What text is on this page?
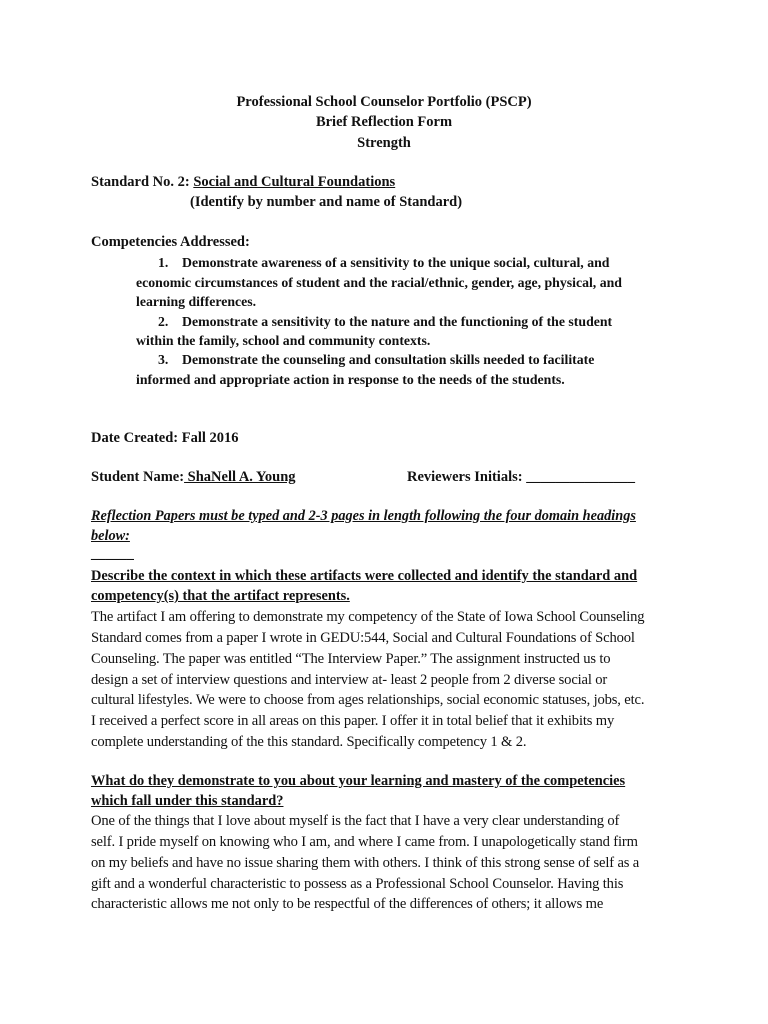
Professional School Counselor Portfolio (PSCP)
Brief Reflection Form
Strength
Standard No. 2: Social and Cultural Foundations
(Identify by number and name of Standard)
Competencies Addressed:
1. Demonstrate awareness of a sensitivity to the unique social, cultural, and
economic circumstances of student and the racial/ethnic, gender, age, physical, and
learning differences.
2. Demonstrate a sensitivity to the nature and the functioning of the student
within the family, school and community contexts.
3. Demonstrate the counseling and consultation skills needed to facilitate
informed and appropriate action in response to the needs of the students.
Date Created: Fall 2016
Student Name: ShaNell A. Young	Reviewers Initials: _______________
Reflection Papers must be typed and 2-3 pages in length following the four domain headings
below:
______
Describe the context in which these artifacts were collected and identify the standard and
competency(s) that the artifact represents.
The artifact I am offering to demonstrate my competency of the State of Iowa School Counseling
Standard comes from a paper I wrote in GEDU:544, Social and Cultural Foundations of School
Counseling. The paper was entitled “The Interview Paper.” The assignment instructed us to
design a set of interview questions and interview at- least 2 people from 2 diverse social or
cultural lifestyles. We were to choose from ages relationships, social economic statuses, jobs, etc.
I received a perfect score in all areas on this paper. I offer it in total belief that it exhibits my
complete understanding of the this standard. Specifically competency 1 & 2.
What do they demonstrate to you about your learning and mastery of the competencies
which fall under this standard?
One of the things that I love about myself is the fact that I have a very clear understanding of
self. I pride myself on knowing who I am, and where I came from. I unapologetically stand firm
on my beliefs and have no issue sharing them with others. I think of this strong sense of self as a
gift and a wonderful characteristic to possess as a Professional School Counselor. Having this
characteristic allows me not only to be respectful of the differences of others; it allows me
